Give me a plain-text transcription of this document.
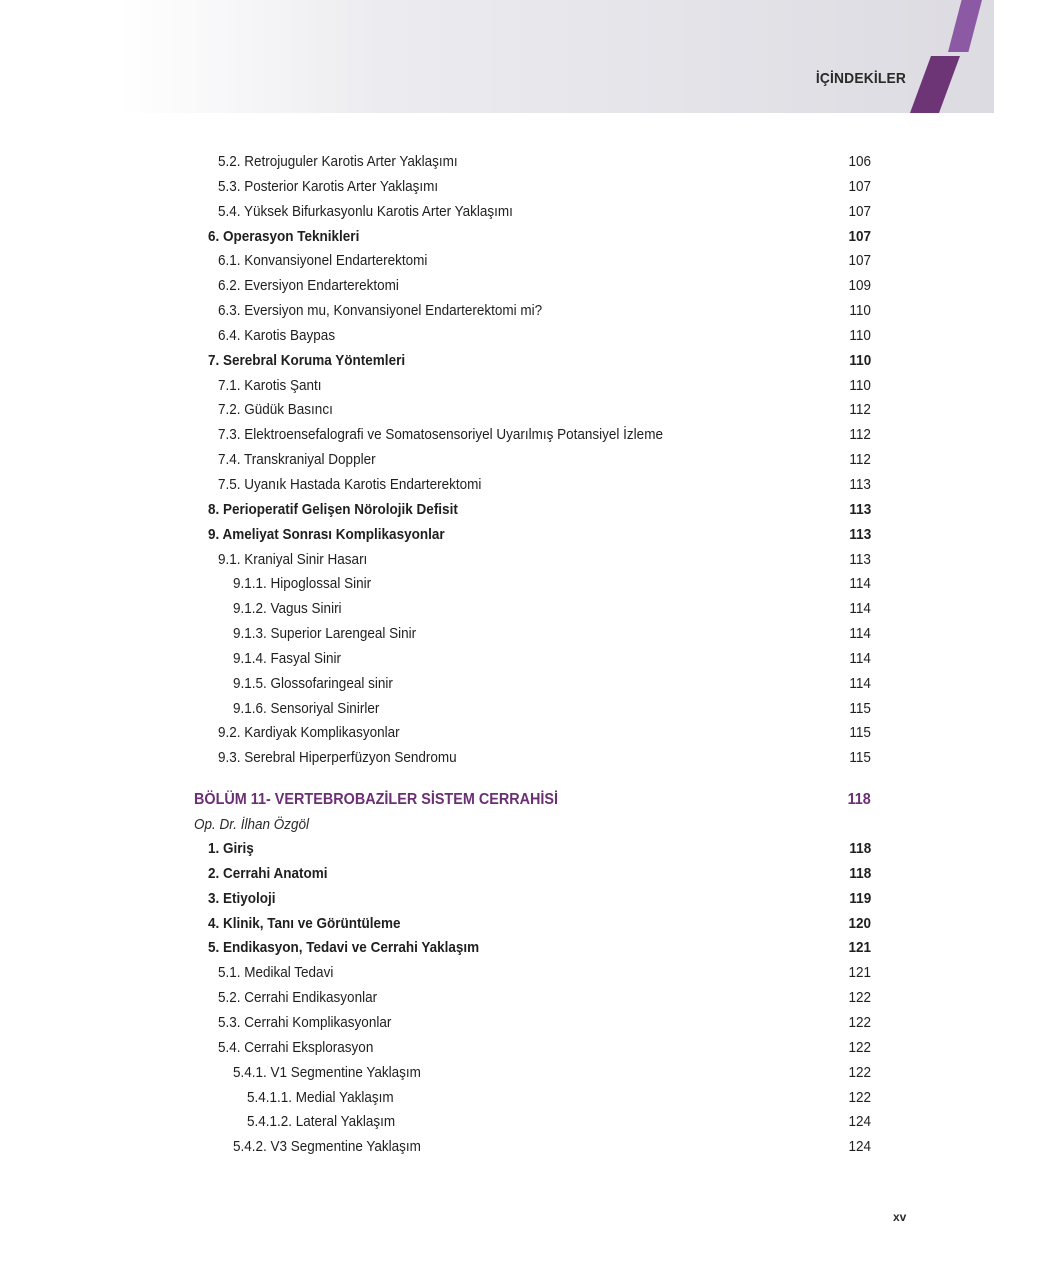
İÇİNDEKİLER
5.2. Retrojuguler Karotis Arter Yaklaşımı	106
5.3. Posterior Karotis Arter Yaklaşımı	107
5.4. Yüksek Bifurkasyonlu Karotis Arter Yaklaşımı	107
6. Operasyon Teknikleri	107
6.1. Konvansiyonel Endarterektomi	107
6.2. Eversiyon Endarterektomi	109
6.3. Eversiyon mu, Konvansiyonel Endarterektomi mi?	110
6.4. Karotis Baypas	110
7. Serebral Koruma Yöntemleri	110
7.1. Karotis Şantı	110
7.2. Güdük Basıncı	112
7.3. Elektroensefalografi ve Somatosensoriyel Uyarılmış Potansiyel İzleme	112
7.4. Transkraniyal Doppler	112
7.5. Uyanık Hastada Karotis Endarterektomi	113
8. Perioperatif Gelişen Nörolojik Defisit	113
9. Ameliyat Sonrası Komplikasyonlar	113
9.1. Kraniyal Sinir Hasarı	113
9.1.1. Hipoglossal Sinir	114
9.1.2. Vagus Siniri	114
9.1.3. Superior Larengeal Sinir	114
9.1.4. Fasyal Sinir	114
9.1.5. Glossofaringeal sinir	114
9.1.6. Sensoriyal Sinirler	115
9.2. Kardiyak Komplikasyonlar	115
9.3. Serebral Hiperperfüzyon Sendromu	115
BÖLÜM 11- VERTEBROBAZİLER SİSTEM CERRAHİSİ	118
Op. Dr. İlhan Özgöl
1. Giriş	118
2. Cerrahi Anatomi	118
3. Etiyoloji	119
4. Klinik, Tanı ve Görüntüleme	120
5. Endikasyon, Tedavi ve Cerrahi Yaklaşım	121
5.1. Medikal Tedavi	121
5.2. Cerrahi Endikasyonlar	122
5.3. Cerrahi Komplikasyonlar	122
5.4. Cerrahi Eksplorasyon	122
5.4.1. V1 Segmentine Yaklaşım	122
5.4.1.1. Medial Yaklaşım	122
5.4.1.2. Lateral Yaklaşım	124
5.4.2. V3 Segmentine Yaklaşım	124
xv
